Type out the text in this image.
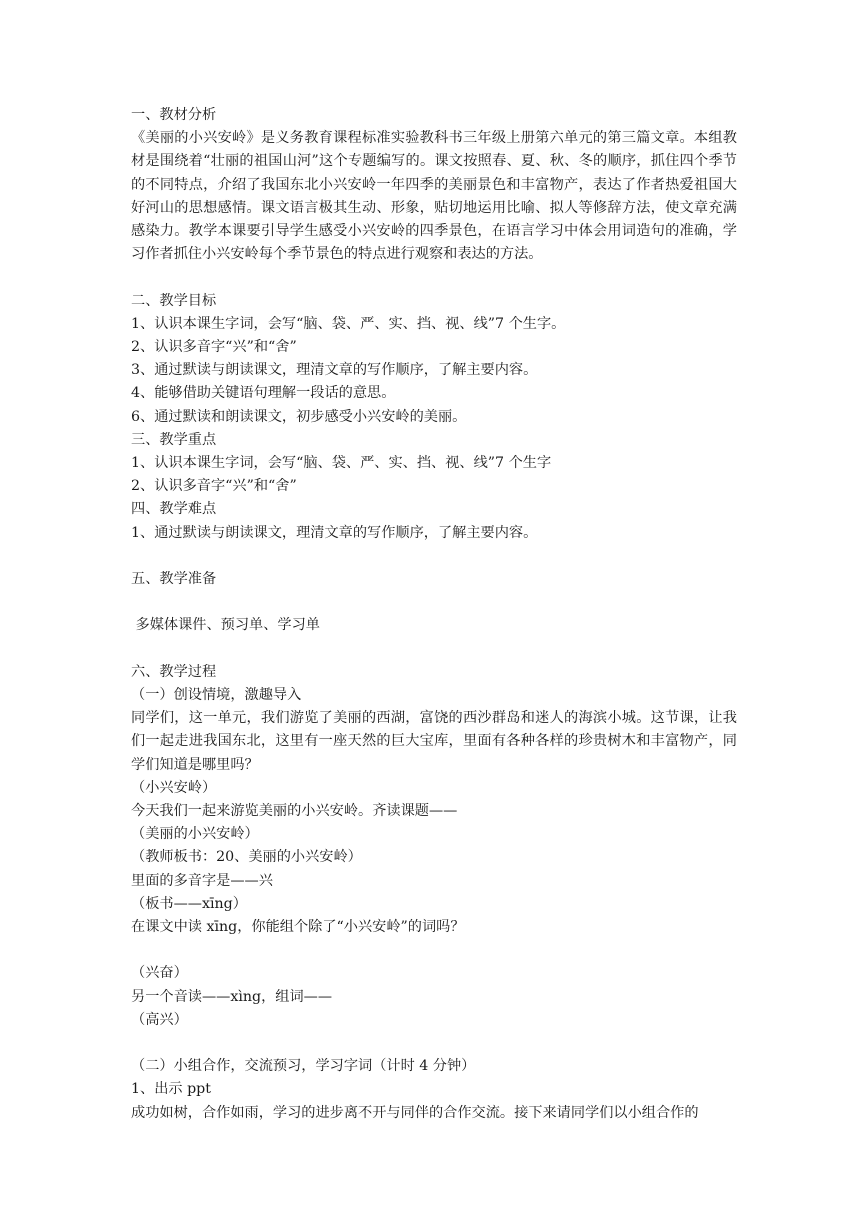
一、教材分析
《美丽的小兴安岭》是义务教育课程标准实验教科书三年级上册第六单元的第三篇文章。本组教材是围绕着“壮丽的祖国山河”这个专题编写的。课文按照春、夏、秋、冬的顺序，抓住四个季节的不同特点，介绍了我国东北小兴安岭一年四季的美丽景色和丰富物产，表达了作者热爱祖国大好河山的思想感情。课文语言极其生动、形象，贴切地运用比喻、拟人等修辞方法，使文章充满感染力。教学本课要引导学生感受小兴安岭的四季景色，在语言学习中体会用词造句的准确，学习作者抓住小兴安岭每个季节景色的特点进行观察和表达的方法。
二、教学目标
1、认识本课生字词，会写“脑、袋、严、实、挡、视、线”7 个生字。
2、认识多音字“兴”和“舍”
3、通过默读与朗读课文，理清文章的写作顺序，了解主要内容。
4、能够借助关键语句理解一段话的意思。
6、通过默读和朗读课文，初步感受小兴安岭的美丽。
三、教学重点
1、认识本课生字词，会写“脑、袋、严、实、挡、视、线”7 个生字
2、认识多音字“兴”和“舍”
四、教学难点
1、通过默读与朗读课文，理清文章的写作顺序，了解主要内容。
五、教学准备
多媒体课件、预习单、学习单
六、教学过程
（一）创设情境，激趣导入
同学们，这一单元，我们游览了美丽的西湖，富饶的西沙群岛和迷人的海滨小城。这节课，让我们一起走进我国东北，这里有一座天然的巨大宝库，里面有各种各样的珍贵树木和丰富物产，同学们知道是哪里吗？
（小兴安岭）
今天我们一起来游览美丽的小兴安岭。齐读课题——
（美丽的小兴安岭）
（教师板书：20、美丽的小兴安岭）
里面的多音字是——兴
（板书——xīng）
在课文中读 xīng，你能组个除了“小兴安岭”的词吗？
（兴奋）
另一个音读——xìng，组词——
（高兴）
（二）小组合作，交流预习，学习字词（计时 4 分钟）
1、出示 ppt
成功如树，合作如雨，学习的进步离不开与同伴的合作交流。接下来请同学们以小组合作的
